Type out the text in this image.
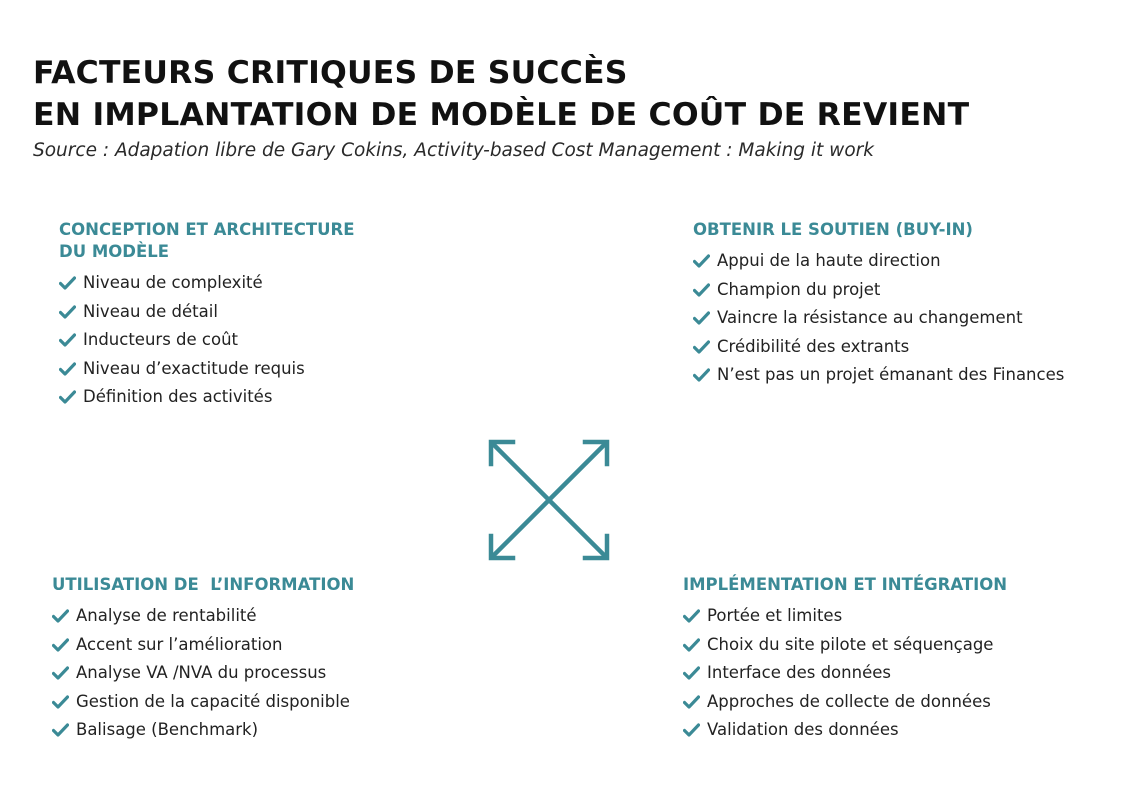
FACTEURS CRITIQUES DE SUCCÈS
EN IMPLANTATION DE MODÈLE DE COÛT DE REVIENT
Source : Adapation libre de Gary Cokins, Activity-based Cost Management : Making it work
CONCEPTION ET ARCHITECTURE
DU MODÈLE
Niveau de complexité
Niveau de détail
Inducteurs de coût
Niveau d’exactitude requis
Définition des activités
OBTENIR LE SOUTIEN (BUY-IN)
Appui de la haute direction
Champion du projet
Vaincre la résistance au changement
Crédibilité des extrants
N’est pas un projet émanant des Finances
UTILISATION DE  L’INFORMATION
Analyse de rentabilité
Accent sur l’amélioration
Analyse VA /NVA du processus
Gestion de la capacité disponible
Balisage (Benchmark)
IMPLÉMENTATION ET INTÉGRATION
Portée et limites
Choix du site pilote et séquençage
Interface des données
Approches de collecte de données
Validation des données
